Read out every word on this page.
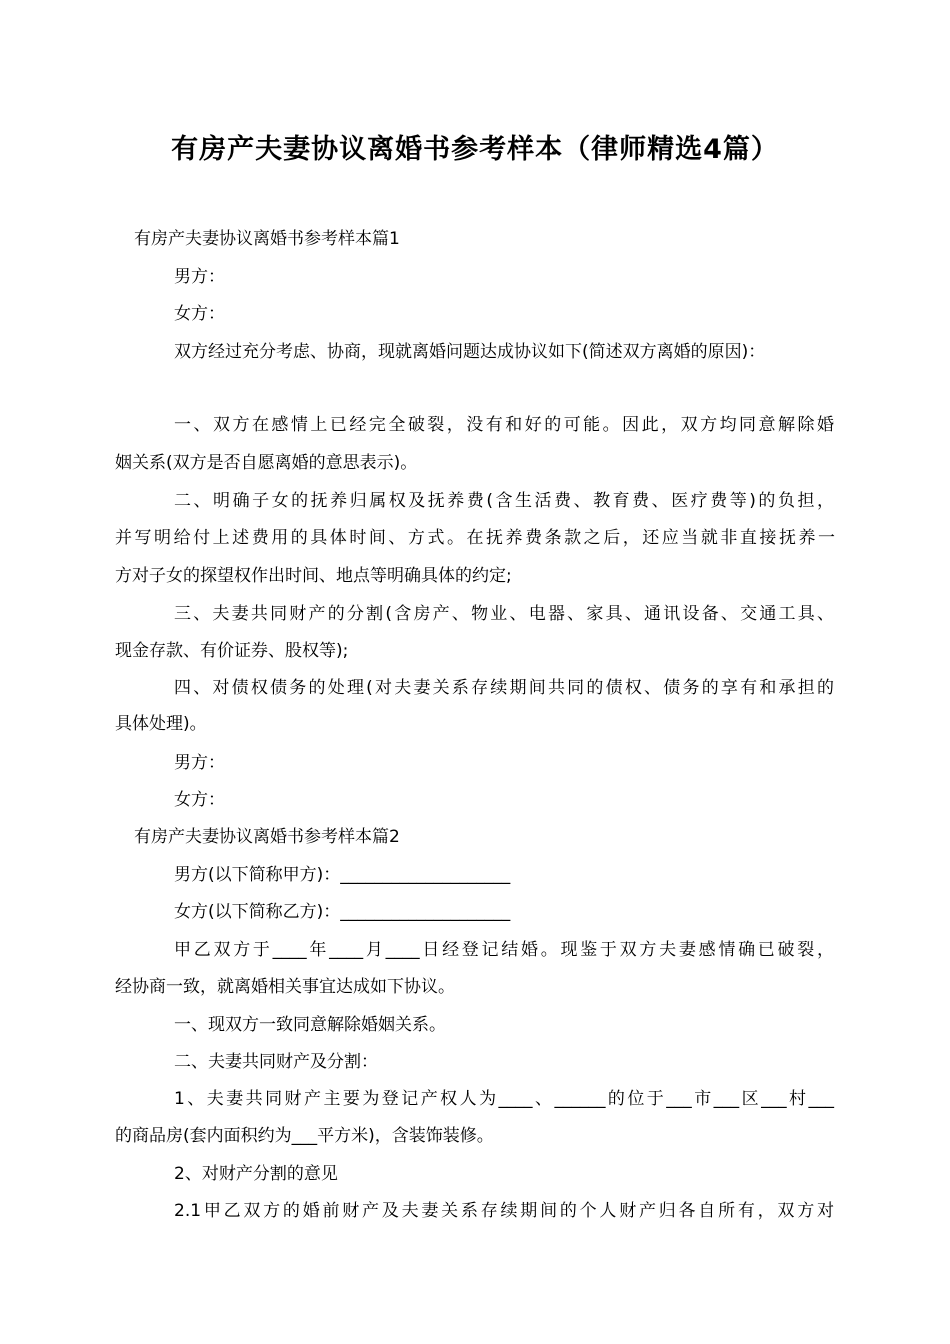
有房产夫妻协议离婚书参考样本（律师精选4篇）

有房产夫妻协议离婚书参考样本篇1

男方：

女方：

双方经过充分考虑、协商，现就离婚问题达成协议如下(简述双方离婚的原因)：

一、双方在感情上已经完全破裂，没有和好的可能。因此，双方均同意解除婚

姻关系(双方是否自愿离婚的意思表示)。

二、明确子女的抚养归属权及抚养费(含生活费、教育费、医疗费等)的负担，

并写明给付上述费用的具体时间、方式。在抚养费条款之后，还应当就非直接抚养一

方对子女的探望权作出时间、地点等明确具体的约定;

三、夫妻共同财产的分割(含房产、物业、电器、家具、通讯设备、交通工具、

现金存款、有价证券、股权等);

四、对债权债务的处理(对夫妻关系存续期间共同的债权、债务的享有和承担的

具体处理)。

男方：

女方：

有房产夫妻协议离婚书参考样本篇2

男方(以下简称甲方)：____________________

女方(以下简称乙方)：____________________

甲乙双方于____年____月____日经登记结婚。现鉴于双方夫妻感情确已破裂，

经协商一致，就离婚相关事宜达成如下协议。

一、现双方一致同意解除婚姻关系。

二、夫妻共同财产及分割：

1、夫妻共同财产主要为登记产权人为____、______的位于___市___区___村___

的商品房(套内面积约为___平方米)，含装饰装修。

2、对财产分割的意见

2.1甲乙双方的婚前财产及夫妻关系存续期间的个人财产归各自所有，双方对
